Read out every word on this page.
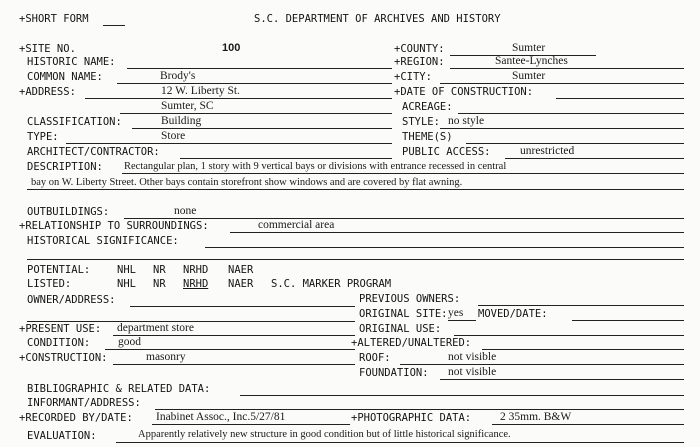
+SHORT FORM	S.C. DEPARTMENT OF ARCHIVES AND HISTORY
+SITE NO.	100	+COUNTY:	Sumter
HISTORIC NAME:	+REGION:	Santee-Lynches
COMMON NAME:	Brody's	+CITY:	Sumter
+ADDRESS:	12 W. Liberty St.	+DATE OF CONSTRUCTION:
Sumter, SC	ACREAGE:
CLASSIFICATION:	Building	STYLE: no style
TYPE:	Store	THEME(S)
ARCHITECT/CONTRACTOR:	PUBLIC ACCESS:	unrestricted
DESCRIPTION: Rectangular plan, 1 story with 9 vertical bays or divisions with entrance recessed in central
bay on W. Liberty Street. Other bays contain storefront show windows and are covered by flat awning.
OUTBUILDINGS:	none
+RELATIONSHIP TO SURROUNDINGS:	commercial area
HISTORICAL SIGNIFICANCE:
POTENTIAL:	NHL NR NRHD NAER
LISTED:	NHL NR NRHD NAER S.C. MARKER PROGRAM
OWNER/ADDRESS:	PREVIOUS OWNERS:
ORIGINAL SITE: yes MOVED/DATE:
+PRESENT USE: department store	ORIGINAL USE:
CONDITION: good	+ALTERED/UNALTERED:
+CONSTRUCTION:	masonry	ROOF:	not visible
FOUNDATION: not visible
BIBLIOGRAPHIC & RELATED DATA:
INFORMANT/ADDRESS:
+RECORDED BY/DATE: Inabinet Assoc., Inc.5/27/81	+PHOTOGRAPHIC DATA:	2 35mm. B&W
EVALUATION:	Apparently relatively new structure in good condition but of little historical significance.
